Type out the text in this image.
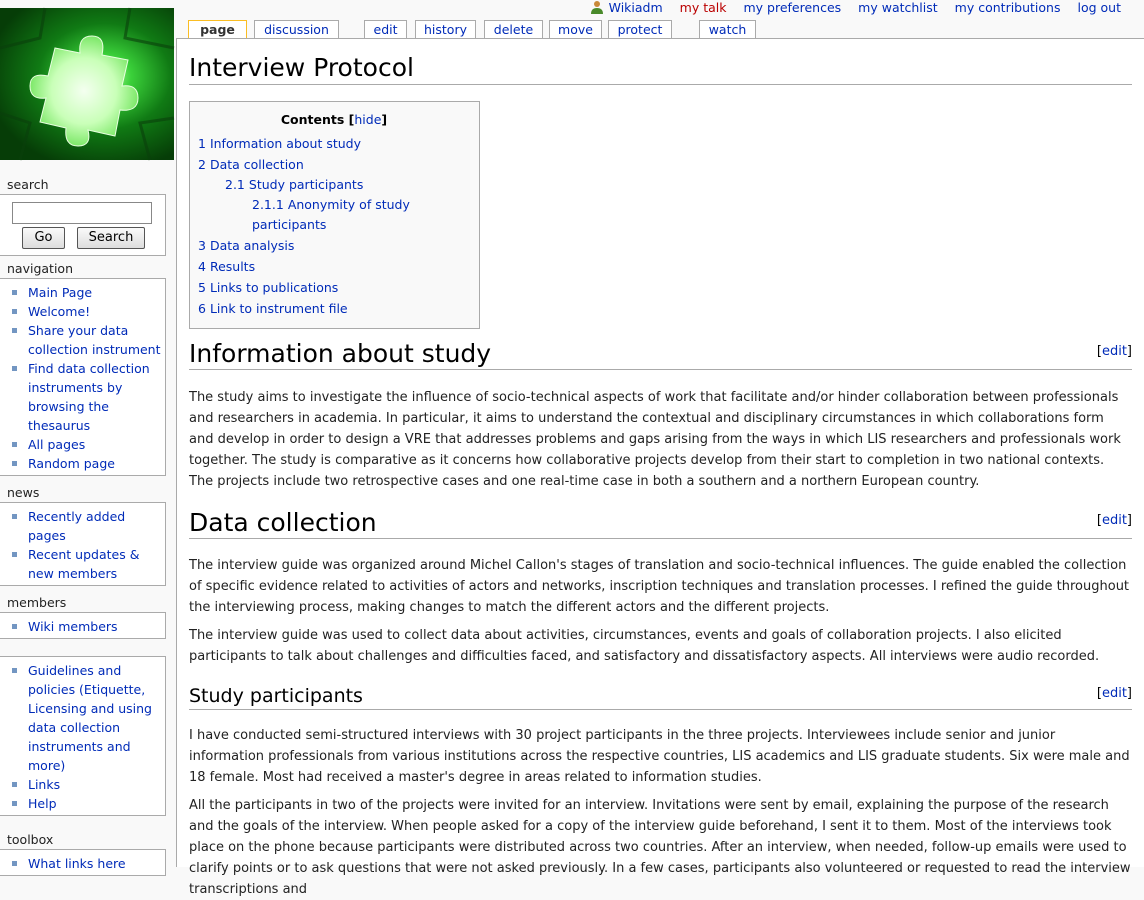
Wikiadm my talk my preferences my watchlist my contributions log out
page	discussion	edit	history	delete	move	protect	watch
Interview Protocol
Contents [hide]
1 Information about study
2 Data collection
2.1 Study participants
2.1.1 Anonymity of study participants
3 Data analysis
4 Results
5 Links to publications
6 Link to instrument file
Information about study	[edit]

The study aims to investigate the influence of socio-technical aspects of work that facilitate and/or hinder collaboration between professionals and researchers in academia. In particular, it aims to understand the contextual and disciplinary circumstances in which collaborations form and develop in order to design a VRE that addresses problems and gaps arising from the ways in which LIS researchers and professionals work together. The study is comparative as it concerns how collaborative projects develop from their start to completion in two national contexts. The projects include two retrospective cases and one real-time case in both a southern and a northern European country.

Data collection	[edit]

The interview guide was organized around Michel Callon's stages of translation and socio-technical influences. The guide enabled the collection of specific evidence related to activities of actors and networks, inscription techniques and translation processes. I refined the guide throughout the interviewing process, making changes to match the different actors and the different projects.

The interview guide was used to collect data about activities, circumstances, events and goals of collaboration projects. I also elicited participants to talk about challenges and difficulties faced, and satisfactory and dissatisfactory aspects. All interviews were audio recorded.

Study participants	[edit]

I have conducted semi-structured interviews with 30 project participants in the three projects. Interviewees include senior and junior information professionals from various institutions across the respective countries, LIS academics and LIS graduate students. Six were male and 18 female. Most had received a master's degree in areas related to information studies.

All the participants in two of the projects were invited for an interview. Invitations were sent by email, explaining the purpose of the research and the goals of the interview. When people asked for a copy of the interview guide beforehand, I sent it to them. Most of the interviews took place on the phone because participants were distributed across two countries. After an interview, when needed, follow-up emails were used to clarify points or to ask questions that were not asked previously. In a few cases, participants also volunteered or requested to read the interview transcriptions and

search
Go	Search
navigation
Main Page
Welcome!
Share your data collection instrument
Find data collection instruments by browsing the thesaurus
All pages
Random page
news
Recently added pages
Recent updates & new members
members
Wiki members
Guidelines and policies (Etiquette, Licensing and using data collection instruments and more)
Links
Help
toolbox
What links here
